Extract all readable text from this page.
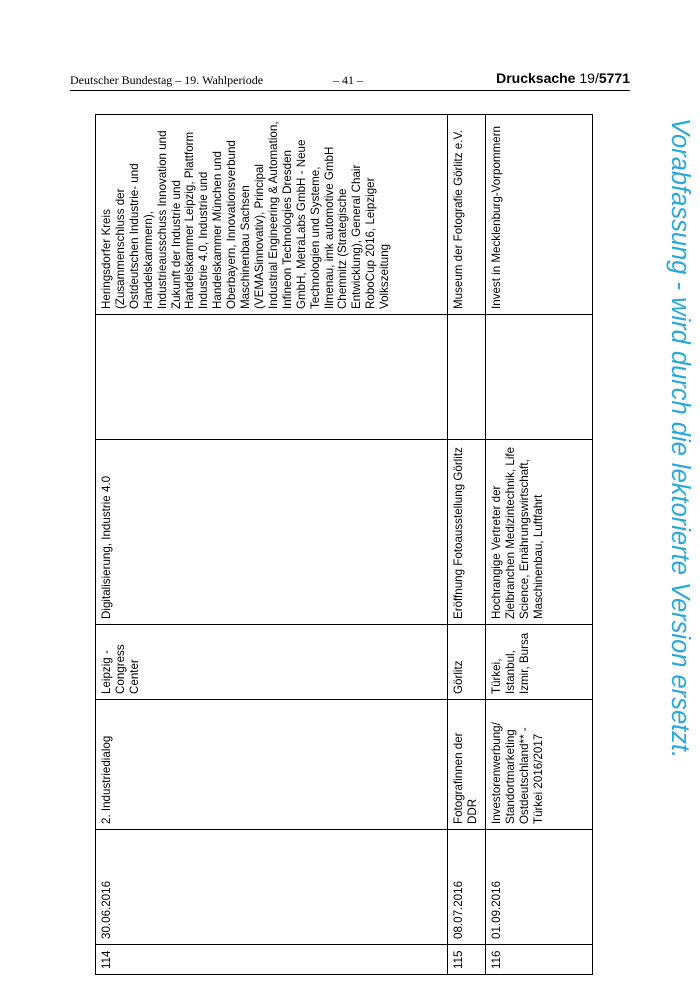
Deutscher Bundestag – 19. Wahlperiode	– 41 –	Drucksache 19/5771
114	30.06.2016	2. Industriedialog	Leipzig - Congress Center	Digitalisierung, Industrie 4.0		Heringsdorfer Kreis (Zusammenschluss der Ostdeutschen Industrie- und Handelskammern), Industrieausschuss Innovation und Zukunft der Industrie und Handelskammer Leipzig, Plattform Industrie 4.0, Industrie und Handelskammer München und Oberbayern, Innovationsverbund Maschinenbau Sachsen (VEMASinnovativ), Principal Industrial Engineering & Automation, Infineon Technologies Dresden GmbH, MetraLabs GmbH - Neue Technologien und Systeme, Ilmenau, imk automotive GmbH Chemnitz (Strategische Entwicklung), General Chair RoboCup 2016, Leipziger Volkszeitung
115	08.07.2016	Fotografinnen der DDR	Görlitz	Eröffnung Fotoausstellung Görlitz		Museum der Fotografie Görlitz e.V.
116	01.09.2016	Investorenwerbung/ Standortmarketing Ostdeutschland** - Türkei 2016/2017	Türkei, Istanbul, Izmir, Bursa	Hochrangige Vertreter der Zielbranchen Medizintechnik, Life Science, Ernährungswirtschaft, Maschinenbau, Luftfahrt		Invest in Mecklenburg-Vorpommern	Vorabfassung - wird durch die lektorierte Version ersetzt.
